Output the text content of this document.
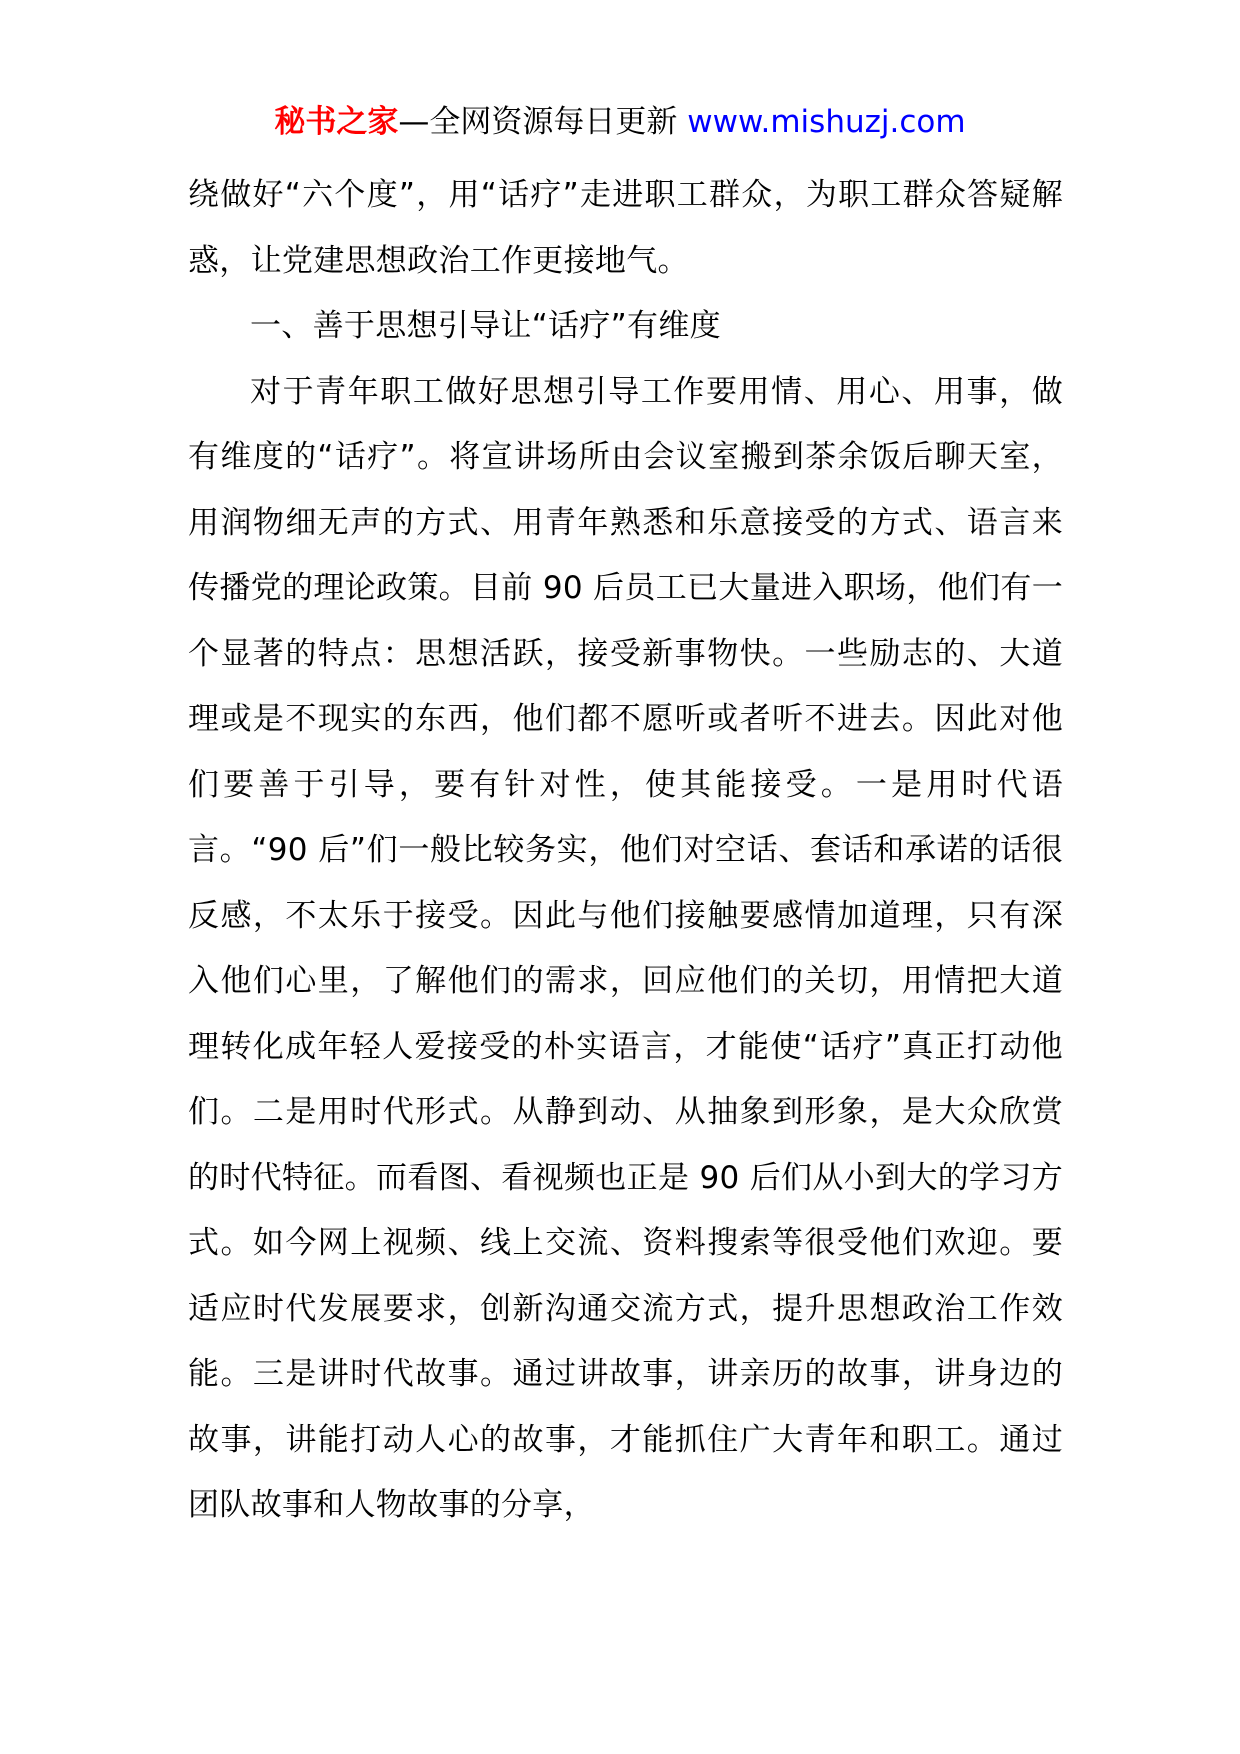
秘书之家—全网资源每日更新 www.mishuzj.com

绕做好“六个度”，用“话疗”走进职工群众，为职工群众答疑解惑，让党建思想政治工作更接地气。

一、善于思想引导让“话疗”有维度

对于青年职工做好思想引导工作要用情、用心、用事，做有维度的“话疗”。将宣讲场所由会议室搬到茶余饭后聊天室，用润物细无声的方式、用青年熟悉和乐意接受的方式、语言来传播党的理论政策。目前 90 后员工已大量进入职场，他们有一个显著的特点：思想活跃，接受新事物快。一些励志的、大道理或是不现实的东西，他们都不愿听或者听不进去。因此对他们要善于引导，要有针对性，使其能接受。一是用时代语言。“90 后”们一般比较务实，他们对空话、套话和承诺的话很反感，不太乐于接受。因此与他们接触要感情加道理，只有深入他们心里，了解他们的需求，回应他们的关切，用情把大道理转化成年轻人爱接受的朴实语言，才能使“话疗”真正打动他们。二是用时代形式。从静到动、从抽象到形象，是大众欣赏的时代特征。而看图、看视频也正是 90 后们从小到大的学习方式。如今网上视频、线上交流、资料搜索等很受他们欢迎。要适应时代发展要求，创新沟通交流方式，提升思想政治工作效能。三是讲时代故事。通过讲故事，讲亲历的故事，讲身边的故事，讲能打动人心的故事，才能抓住广大青年和职工。通过团队故事和人物故事的分享，
